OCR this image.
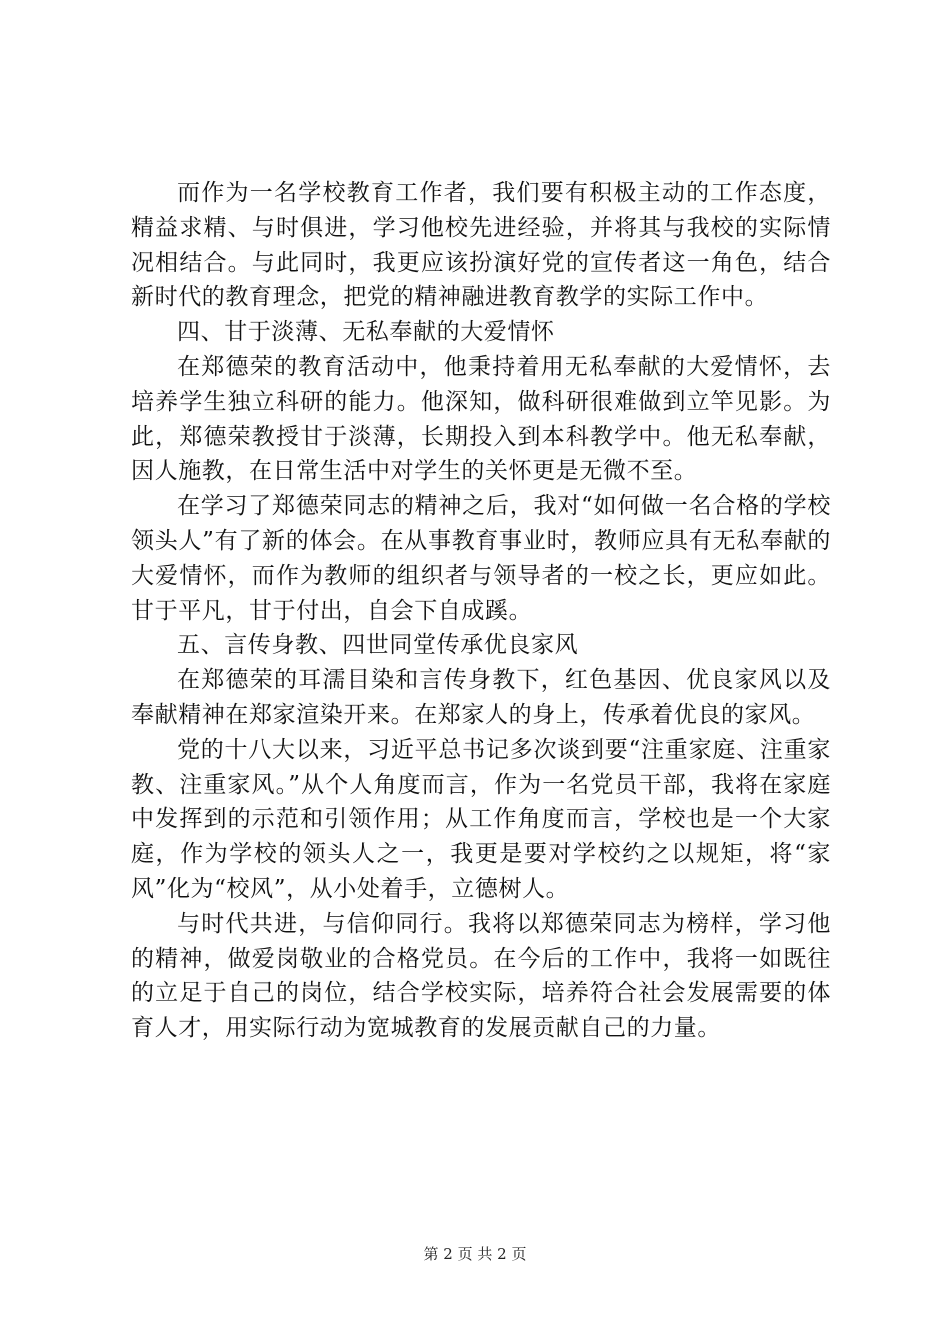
而作为一名学校教育工作者，我们要有积极主动的工作态度，精益求精、与时俱进，学习他校先进经验，并将其与我校的实际情况相结合。与此同时，我更应该扮演好党的宣传者这一角色，结合新时代的教育理念，把党的精神融进教育教学的实际工作中。

四、甘于淡薄、无私奉献的大爱情怀

在郑德荣的教育活动中，他秉持着用无私奉献的大爱情怀，去培养学生独立科研的能力。他深知，做科研很难做到立竿见影。为此，郑德荣教授甘于淡薄，长期投入到本科教学中。他无私奉献，因人施教，在日常生活中对学生的关怀更是无微不至。

在学习了郑德荣同志的精神之后，我对“如何做一名合格的学校领头人”有了新的体会。在从事教育事业时，教师应具有无私奉献的大爱情怀，而作为教师的组织者与领导者的一校之长，更应如此。甘于平凡，甘于付出，自会下自成蹊。

五、言传身教、四世同堂传承优良家风

在郑德荣的耳濡目染和言传身教下，红色基因、优良家风以及奉献精神在郑家渲染开来。在郑家人的身上，传承着优良的家风。

党的十八大以来，习近平总书记多次谈到要“注重家庭、注重家教、注重家风。”从个人角度而言，作为一名党员干部，我将在家庭中发挥到的示范和引领作用；从工作角度而言，学校也是一个大家庭，作为学校的领头人之一，我更是要对学校约之以规矩，将“家风”化为“校风”，从小处着手，立德树人。

与时代共进，与信仰同行。我将以郑德荣同志为榜样，学习他的精神，做爱岗敬业的合格党员。在今后的工作中，我将一如既往的立足于自己的岗位，结合学校实际，培养符合社会发展需要的体育人才，用实际行动为宽城教育的发展贡献自己的力量。

第 2 页 共 2 页
